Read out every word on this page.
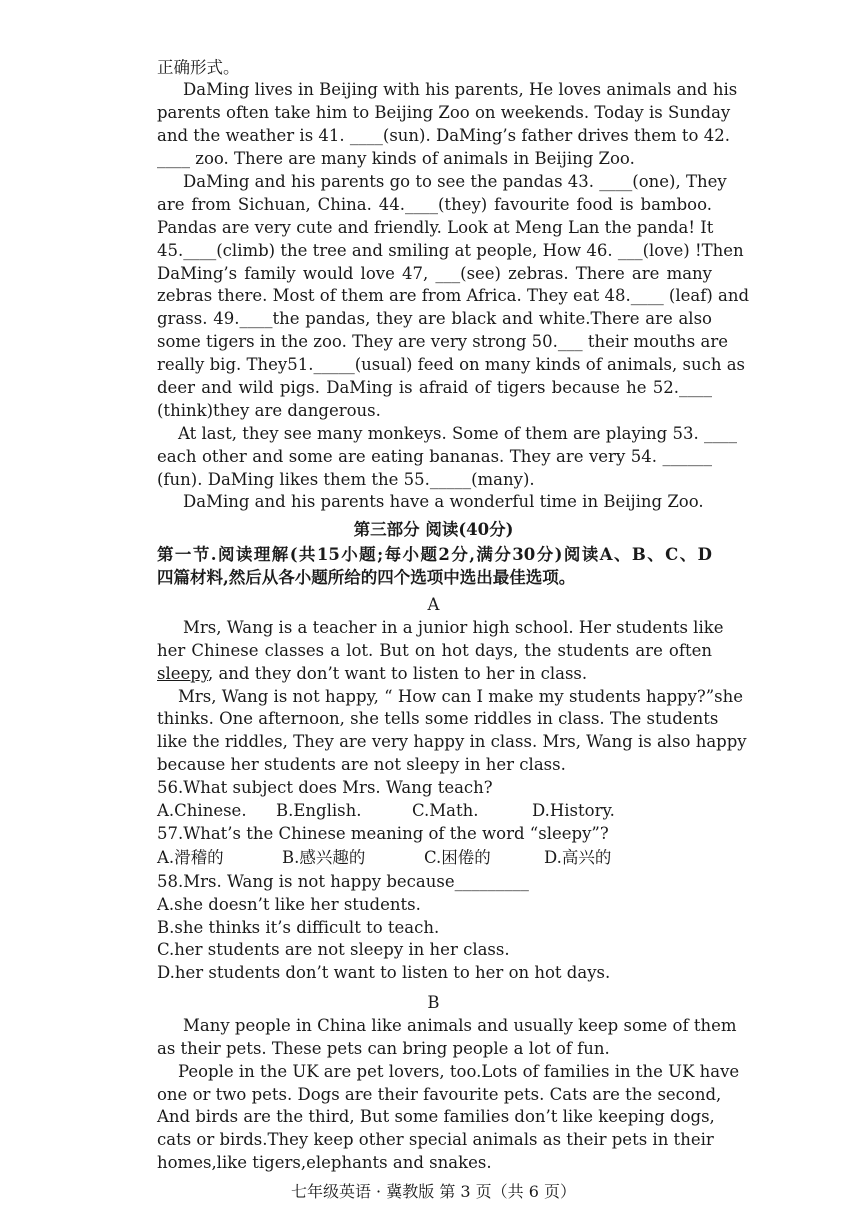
正确形式。
DaMing lives in Beijing with his parents, He loves animals and his
parents often take him to Beijing Zoo on weekends. Today is Sunday
and the weather is 41. ____(sun). DaMing’s father drives them to 42.
____ zoo. There are many kinds of animals in Beijing Zoo.
DaMing and his parents go to see the pandas 43. ____(one), They
are from Sichuan, China. 44.____(they) favourite food is bamboo.
Pandas are very cute and friendly. Look at Meng Lan the panda! It
45.____(climb) the tree and smiling at people, How 46. ___(love) !Then
DaMing’s family would love 47, ___(see) zebras. There are many
zebras there. Most of them are from Africa. They eat 48.____ (leaf) and
grass. 49.____the pandas, they are black and white.There are also
some tigers in the zoo. They are very strong 50.___ their mouths are
really big. They51._____(usual) feed on many kinds of animals, such as
deer and wild pigs. DaMing is afraid of tigers because he 52.____
(think)they are dangerous.
At last, they see many monkeys. Some of them are playing 53. ____
each other and some are eating bananas. They are very 54. ______
(fun). DaMing likes them the 55._____(many).
DaMing and his parents have a wonderful time in Beijing Zoo.
第三部分 阅读(40分)
第一节.阅读理解(共15小题;每小题2分,满分30分)阅读A、B、C、D
四篇材料,然后从各小题所给的四个选项中选出最佳选项。
A
Mrs, Wang is a teacher in a junior high school. Her students like
her Chinese classes a lot. But on hot days, the students are often
sleepy, and they don’t want to listen to her in class.
Mrs, Wang is not happy, “ How can I make my students happy?”she
thinks. One afternoon, she tells some riddles in class. The students
like the riddles, They are very happy in class. Mrs, Wang is also happy
because her students are not sleepy in her class.
56.What subject does Mrs. Wang teach?
A.Chinese. B.English.	C.Math.	D.History.
57.What’s the Chinese meaning of the word “sleepy”?
A.滑稽的	B.感兴趣的	C.困倦的	D.高兴的
58.Mrs. Wang is not happy because_________
A.she doesn’t like her students.
B.she thinks it’s difficult to teach.
C.her students are not sleepy in her class.
D.her students don’t want to listen to her on hot days.
B
Many people in China like animals and usually keep some of them
as their pets. These pets can bring people a lot of fun.
People in the UK are pet lovers, too.Lots of families in the UK have
one or two pets. Dogs are their favourite pets. Cats are the second,
And birds are the third, But some families don’t like keeping dogs,
cats or birds.They keep other special animals as their pets in their
homes,like tigers,elephants and snakes.
七年级英语 · 冀教版 第 3 页（共 6 页）
